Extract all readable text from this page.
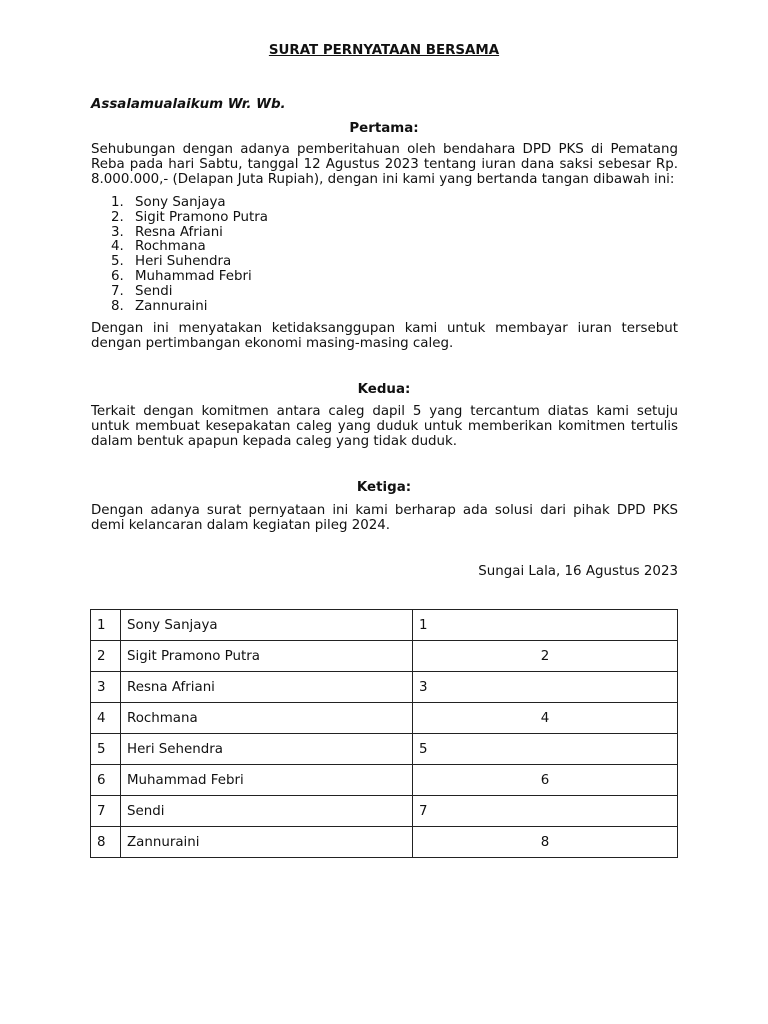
SURAT PERNYATAAN BERSAMA
Assalamualaikum Wr. Wb.
Pertama:

Sehubungan dengan adanya pemberitahuan oleh bendahara DPD PKS di Pematang Reba pada hari Sabtu, tanggal 12 Agustus 2023 tentang iuran dana saksi sebesar Rp. 8.000.000,- (Delapan Juta Rupiah), dengan ini kami yang bertanda tangan dibawah ini:

1. Sony Sanjaya
2. Sigit Pramono Putra
3. Resna Afriani
4. Rochmana
5. Heri Suhendra
6. Muhammad Febri
7. Sendi
8. Zannuraini

Dengan ini menyatakan ketidaksanggupan kami untuk membayar iuran tersebut dengan pertimbangan ekonomi masing-masing caleg.

Kedua:

Terkait dengan komitmen antara caleg dapil 5 yang tercantum diatas kami setuju untuk membuat kesepakatan caleg yang duduk untuk memberikan komitmen tertulis dalam bentuk apapun kepada caleg yang tidak duduk.

Ketiga:

Dengan adanya surat pernyataan ini kami berharap ada solusi dari pihak DPD PKS demi kelancaran dalam kegiatan pileg 2024.

Sungai Lala, 16 Agustus 2023
1	Sony Sanjaya	1
2	Sigit Pramono Putra	2
3	Resna Afriani	3
4	Rochmana	4
5	Heri Sehendra	5
6	Muhammad Febri	6
7	Sendi	7
8	Zannuraini	8
